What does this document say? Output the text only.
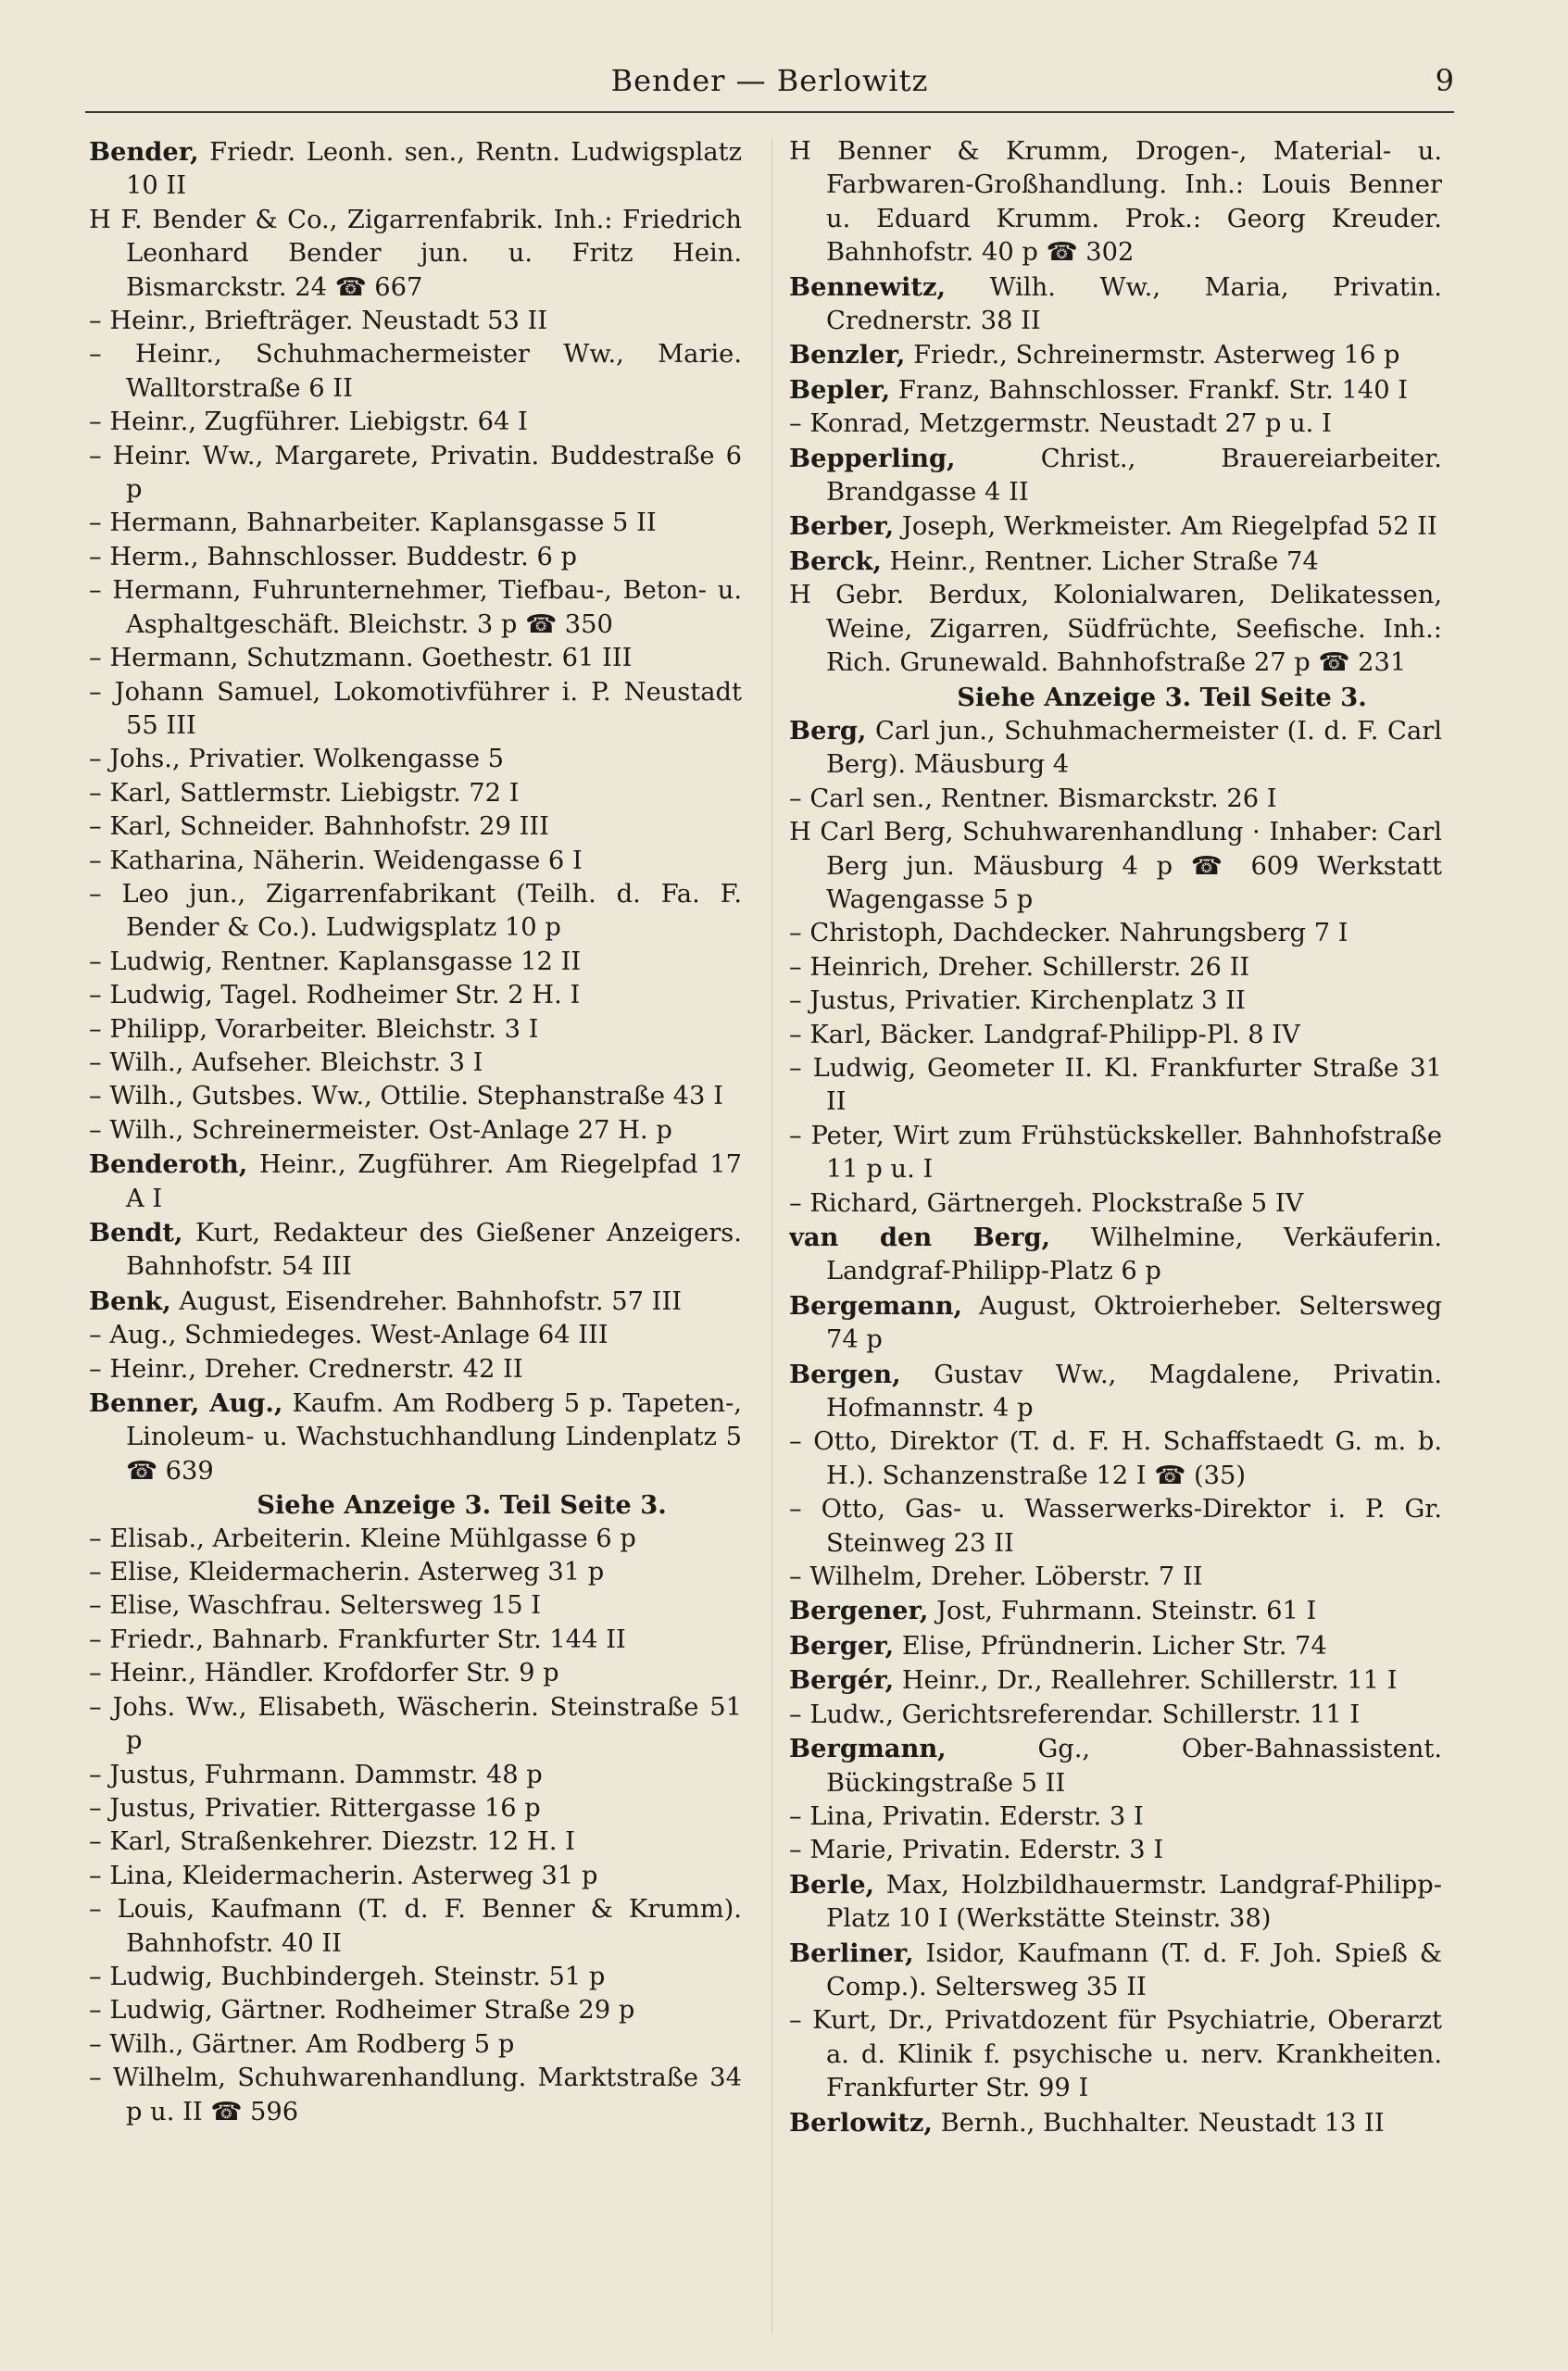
Bender — Berlowitz	9

Bender, Friedr. Leonh. sen., Rentn. Ludwigsplatz 10 II

H F. Bender & Co., Zigarrenfabrik. Inh.: Friedrich Leonhard Bender jun. u. Fritz Hein. Bismarckstr. 24 ☎ 667

– Heinr., Briefträger. Neustadt 53 II

– Heinr., Schuhmachermeister Ww., Marie. Walltorstraße 6 II

– Heinr., Zugführer. Liebigstr. 64 I

– Heinr. Ww., Margarete, Privatin. Buddestraße 6 p

– Hermann, Bahnarbeiter. Kaplansgasse 5 II

– Herm., Bahnschlosser. Buddestr. 6 p

– Hermann, Fuhrunternehmer, Tiefbau-, Beton- u. Asphaltgeschäft. Bleichstr. 3 p ☎ 350

– Hermann, Schutzmann. Goethestr. 61 III

– Johann Samuel, Lokomotivführer i. P. Neustadt 55 III

– Johs., Privatier. Wolkengasse 5

– Karl, Sattlermstr. Liebigstr. 72 I

– Karl, Schneider. Bahnhofstr. 29 III

– Katharina, Näherin. Weidengasse 6 I

– Leo jun., Zigarrenfabrikant (Teilh. d. Fa. F. Bender & Co.). Ludwigsplatz 10 p

– Ludwig, Rentner. Kaplansgasse 12 II

– Ludwig, Tagel. Rodheimer Str. 2 H. I

– Philipp, Vorarbeiter. Bleichstr. 3 I

– Wilh., Aufseher. Bleichstr. 3 I

– Wilh., Gutsbes. Ww., Ottilie. Stephanstraße 43 I

– Wilh., Schreinermeister. Ost-Anlage 27 H. p

Benderoth, Heinr., Zugführer. Am Riegelpfad 17 A I

Bendt, Kurt, Redakteur des Gießener Anzeigers. Bahnhofstr. 54 III

Benk, August, Eisendreher. Bahnhofstr. 57 III

– Aug., Schmiedeges. West-Anlage 64 III

– Heinr., Dreher. Crednerstr. 42 II

Benner, Aug., Kaufm. Am Rodberg 5 p. Tapeten-, Linoleum- u. Wachstuchhandlung Lindenplatz 5 ☎ 639

Siehe Anzeige 3. Teil Seite 3.

– Elisab., Arbeiterin. Kleine Mühlgasse 6 p

– Elise, Kleidermacherin. Asterweg 31 p

– Elise, Waschfrau. Seltersweg 15 I

– Friedr., Bahnarb. Frankfurter Str. 144 II

– Heinr., Händler. Krofdorfer Str. 9 p

– Johs. Ww., Elisabeth, Wäscherin. Steinstraße 51 p

– Justus, Fuhrmann. Dammstr. 48 p

– Justus, Privatier. Rittergasse 16 p

– Karl, Straßenkehrer. Diezstr. 12 H. I

– Lina, Kleidermacherin. Asterweg 31 p

– Louis, Kaufmann (T. d. F. Benner & Krumm). Bahnhofstr. 40 II

– Ludwig, Buchbindergeh. Steinstr. 51 p

– Ludwig, Gärtner. Rodheimer Straße 29 p

– Wilh., Gärtner. Am Rodberg 5 p

– Wilhelm, Schuhwarenhandlung. Marktstraße 34 p u. II ☎ 596

H Benner & Krumm, Drogen-, Material- u. Farbwaren-Großhandlung. Inh.: Louis Benner u. Eduard Krumm. Prok.: Georg Kreuder. Bahnhofstr. 40 p ☎ 302

Bennewitz, Wilh. Ww., Maria, Privatin. Crednerstr. 38 II

Benzler, Friedr., Schreinermstr. Asterweg 16 p

Bepler, Franz, Bahnschlosser. Frankf. Str. 140 I

– Konrad, Metzgermstr. Neustadt 27 p u. I

Bepperling,	Christ., Brauereiarbeiter. Brandgasse 4 II

Berber, Joseph, Werkmeister. Am Riegelpfad 52 II

Berck, Heinr., Rentner. Licher Straße 74

H Gebr. Berdux, Kolonialwaren, Delikatessen, Weine, Zigarren, Südfrüchte, Seefische. Inh.: Rich. Grunewald. Bahnhofstraße 27 p ☎ 231

Siehe Anzeige 3. Teil Seite 3.

Berg, Carl jun., Schuhmachermeister (I. d. F. Carl Berg). Mäusburg 4

– Carl sen., Rentner. Bismarckstr. 26 I

H Carl Berg, Schuhwarenhandlung · Inhaber: Carl Berg jun. Mäusburg 4 p ☎ 609 Werkstatt Wagengasse 5 p

– Christoph, Dachdecker. Nahrungsberg 7 I

– Heinrich, Dreher. Schillerstr. 26 II

– Justus, Privatier. Kirchenplatz 3 II

– Karl, Bäcker. Landgraf-Philipp-Pl. 8 IV

– Ludwig, Geometer II. Kl. Frankfurter Straße 31 II

– Peter, Wirt zum Frühstückskeller. Bahnhofstraße 11 p u. I

– Richard, Gärtnergeh. Plockstraße 5 IV

van den Berg, Wilhelmine, Verkäuferin. Landgraf-Philipp-Platz 6 p

Bergemann, August, Oktroierheber. Seltersweg 74 p

Bergen, Gustav Ww., Magdalene, Privatin. Hofmannstr. 4 p

– Otto, Direktor (T. d. F. H. Schaffstaedt G. m. b. H.). Schanzenstraße 12 I ☎ (35)

– Otto, Gas- u. Wasserwerks-Direktor i. P. Gr. Steinweg 23 II

– Wilhelm, Dreher. Löberstr. 7 II

Bergener, Jost, Fuhrmann. Steinstr. 61 I

Berger, Elise, Pfründnerin. Licher Str. 74

Bergér, Heinr., Dr., Reallehrer. Schillerstr. 11 I

– Ludw., Gerichtsreferendar. Schillerstr. 11 I

Bergmann,	Gg., Ober-Bahnassistent. Bückingstraße 5 II

– Lina, Privatin. Ederstr. 3 I

– Marie, Privatin. Ederstr. 3 I

Berle, Max, Holzbildhauermstr. Landgraf-Philipp-Platz 10 I (Werkstätte Steinstr. 38)

Berliner, Isidor, Kaufmann (T. d. F. Joh. Spieß & Comp.). Seltersweg 35 II

– Kurt, Dr., Privatdozent für Psychiatrie, Oberarzt a. d. Klinik f. psychische u. nerv. Krankheiten. Frankfurter Str. 99 I

Berlowitz, Bernh., Buchhalter. Neustadt 13 II
